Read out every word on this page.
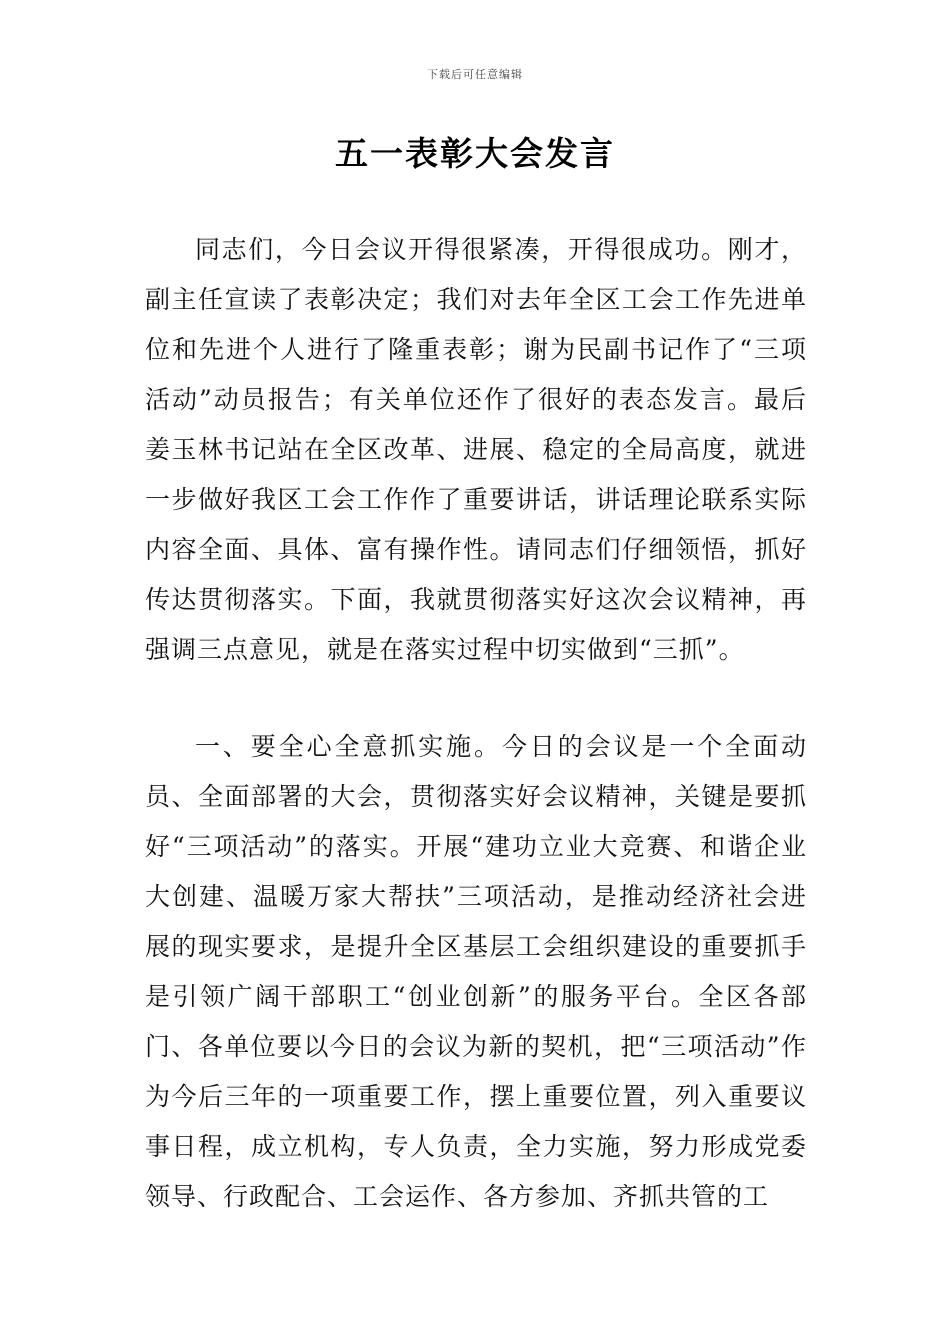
下载后可任意编辑
五一表彰大会发言

同志们，今日会议开得很紧凑，开得很成功。刚才，副主任宣读了表彰决定；我们对去年全区工会工作先进单位和先进个人进行了隆重表彰；谢为民副书记作了“三项活动”动员报告；有关单位还作了很好的表态发言。最后姜玉林书记站在全区改革、进展、稳定的全局高度，就进一步做好我区工会工作作了重要讲话，讲话理论联系实际内容全面、具体、富有操作性。请同志们仔细领悟，抓好传达贯彻落实。下面，我就贯彻落实好这次会议精神，再强调三点意见，就是在落实过程中切实做到“三抓”。

一、要全心全意抓实施。今日的会议是一个全面动员、全面部署的大会，贯彻落实好会议精神，关键是要抓好“三项活动”的落实。开展“建功立业大竞赛、和谐企业大创建、温暖万家大帮扶”三项活动，是推动经济社会进展的现实要求，是提升全区基层工会组织建设的重要抓手是引领广阔干部职工“创业创新”的服务平台。全区各部门、各单位要以今日的会议为新的契机，把“三项活动”作为今后三年的一项重要工作，摆上重要位置，列入重要议事日程，成立机构，专人负责，全力实施，努力形成党委领导、行政配合、工会运作、各方参加、齐抓共管的工
